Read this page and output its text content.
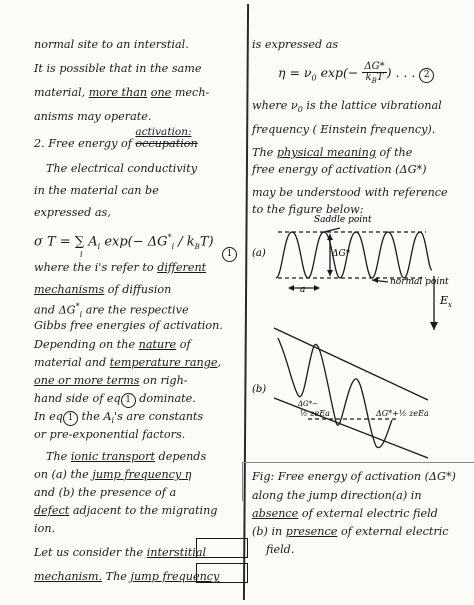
normal site to an interstial.
It is possible that in the same
material, more than one mech-
anisms may operate.
2. Free energy of
activation:
occupation
The electrical conductivity
in the material can be
expressed as,
σ T = ∑ $A_i$ $\exp(- \Delta G^*_i / k_BT)$
i	1
where the i's refer to different
mechanisms of diffusion
and $\Delta G^*_i$ are the respective
Gibbs free energies of activation.
Depending on the nature of
material and temperature range,
one or more terms on righ-
hand side of eq 1 dominate.
In eq 1 the $A_i's$ are constants
or pre-exponential factors.
The ionic transport depends
on (a) the jump frequency η
and (b) the presence of a
defect adjacent to the migrating
ion.
Let us consider the interstitial
mechanism. The jump frequency
is expressed as
$\eta = \nu_0$ $\exp(- \frac{\Delta G*}{k_BT}$ ) . . . 2
where $\nu_0$ is the lattice vibrational
frequency ( Einstein frequency).
The physical meaning of the
free energy of activation (ΔG*)
may be understood with reference
to the figure below:
Saddle point
(a)	ΔG*
a
normal point
$E_x$
(b)
ΔG*−
½ zeEa	ΔG*+½ zeEa
Fig: Free energy of activation (ΔG*)
along the jump direction(a) in
absence of external electric field
(b) in presence of external electric
field.
